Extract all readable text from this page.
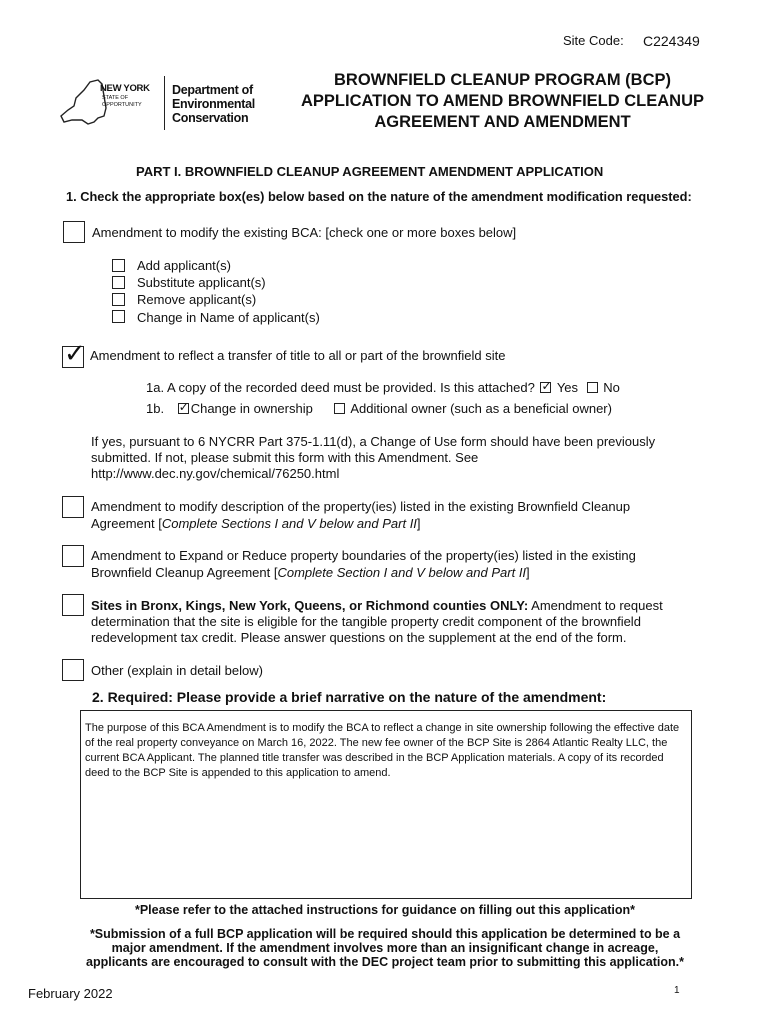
Site Code: C224349
NEW YORK
STATE OF
OPPORTUNITY
Department of
Environmental
Conservation
BROWNFIELD CLEANUP PROGRAM (BCP)
APPLICATION TO AMEND BROWNFIELD CLEANUP
AGREEMENT AND AMENDMENT
PART I. BROWNFIELD CLEANUP AGREEMENT AMENDMENT APPLICATION
1. Check the appropriate box(es) below based on the nature of the amendment modification requested:
Amendment to modify the existing BCA: [check one or more boxes below]
Add applicant(s)
Substitute applicant(s)
Remove applicant(s)
Change in Name of applicant(s)
✓ Amendment to reflect a transfer of title to all or part of the brownfield site
1a. A copy of the recorded deed must be provided. Is this attached? ✓ Yes No
1b. ✓ Change in ownership	Additional owner (such as a beneficial owner)
If yes, pursuant to 6 NYCRR Part 375-1.11(d), a Change of Use form should have been previously
submitted. If not, please submit this form with this Amendment. See
http://www.dec.ny.gov/chemical/76250.html
Amendment to modify description of the property(ies) listed in the existing Brownfield Cleanup
Agreement [Complete Sections I and V below and Part II]
Amendment to Expand or Reduce property boundaries of the property(ies) listed in the existing
Brownfield Cleanup Agreement [Complete Section I and V below and Part II]
Sites in Bronx, Kings, New York, Queens, or Richmond counties ONLY: Amendment to request
determination that the site is eligible for the tangible property credit component of the brownfield
redevelopment tax credit. Please answer questions on the supplement at the end of the form.
Other (explain in detail below)
2. Required: Please provide a brief narrative on the nature of the amendment:
The purpose of this BCA Amendment is to modify the BCA to reflect a change in site ownership following the effective date of the real property conveyance on March 16, 2022. The new fee owner of the BCP Site is 2864 Atlantic Realty LLC, the current BCA Applicant. The planned title transfer was described in the BCP Application materials. A copy of its recorded deed to the BCP Site is appended to this application to amend.
*Please refer to the attached instructions for guidance on filling out this application*
*Submission of a full BCP application will be required should this application be determined to be a
major amendment. If the amendment involves more than an insignificant change in acreage,
applicants are encouraged to consult with the DEC project team prior to submitting this application.*
February 2022	1
